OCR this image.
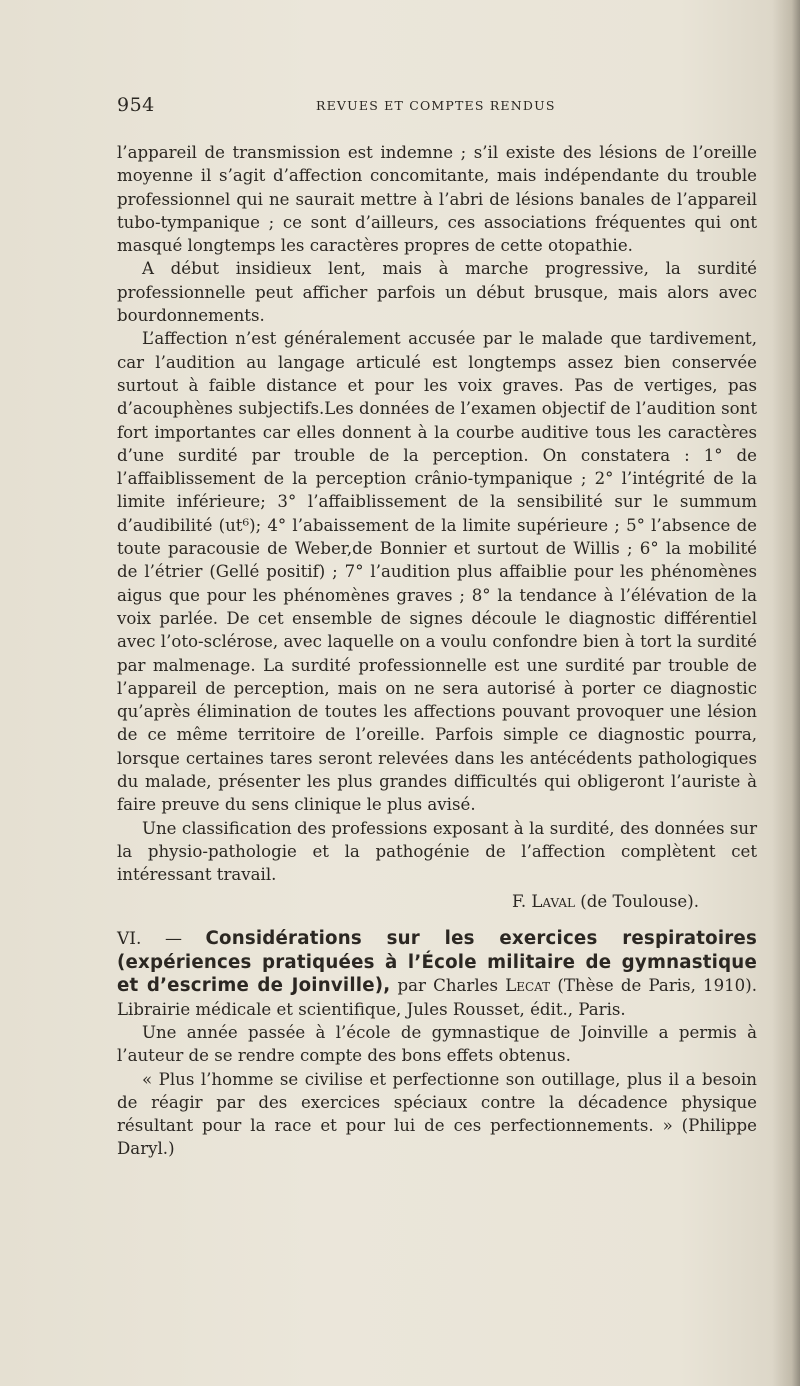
954	REVUES ET COMPTES RENDUS

l’appareil de transmission est indemne ; s’il existe des lésions de l’oreille moyenne il s’agit d’affection concomitante, mais indépendante du trouble professionnel qui ne saurait mettre à l’abri de lésions banales de l’appareil tubo-tympanique ; ce sont d’ailleurs, ces associations fréquentes qui ont masqué longtemps les caractères propres de cette otopathie.

A début insidieux lent, mais à marche progressive, la surdité professionnelle peut afficher parfois un début brusque, mais alors avec bourdonnements.

L’affection n’est généralement accusée par le malade que tardivement, car l’audition au langage articulé est longtemps assez bien conservée surtout à faible distance et pour les voix graves. Pas de vertiges, pas d’acouphènes subjectifs.Les données de l’examen objectif de l’audition sont fort importantes car elles donnent à la courbe auditive tous les caractères d’une surdité par trouble de la perception. On constatera : 1° de l’affaiblissement de la perception crânio-tympanique ; 2° l’intégrité de la limite inférieure; 3° l’affaiblissement de la sensibilité sur le summum d’audibilité (ut⁶); 4° l’abaissement de la limite supérieure ; 5° l’absence de toute paracousie de Weber,de Bonnier et surtout de Willis ; 6° la mobilité de l’étrier (Gellé positif) ; 7° l’audition plus affaiblie pour les phénomènes aigus que pour les phénomènes graves ; 8° la tendance à l’élévation de la voix parlée. De cet ensemble de signes découle le diagnostic différentiel avec l’oto-sclérose, avec laquelle on a voulu confondre bien à tort la surdité par malmenage. La surdité professionnelle est une surdité par trouble de l’appareil de perception, mais on ne sera autorisé à porter ce diagnostic qu’après élimination de toutes les affections pouvant provoquer une lésion de ce même territoire de l’oreille. Parfois simple ce diagnostic pourra, lorsque certaines tares seront relevées dans les antécédents pathologiques du malade, présenter les plus grandes difficultés qui obligeront l’auriste à faire preuve du sens clinique le plus avisé.

Une classification des professions exposant à la surdité, des données sur la physio-pathologie et la pathogénie de l’affection complètent cet intéressant travail.

F. Laval (de Toulouse).

VI. — Considérations sur les exercices respiratoires (expériences pratiquées à l’École militaire de gymnastique et d’escrime de Joinville), par Charles Lecat (Thèse de Paris, 1910). Librairie médicale et scientifique, Jules Rousset, édit., Paris.

Une année passée à l’école de gymnastique de Joinville a permis à l’auteur de se rendre compte des bons effets obtenus.

« Plus l’homme se civilise et perfectionne son outillage, plus il a besoin de réagir par des exercices spéciaux contre la décadence physique résultant pour la race et pour lui de ces perfectionnements. » (Philippe Daryl.)
